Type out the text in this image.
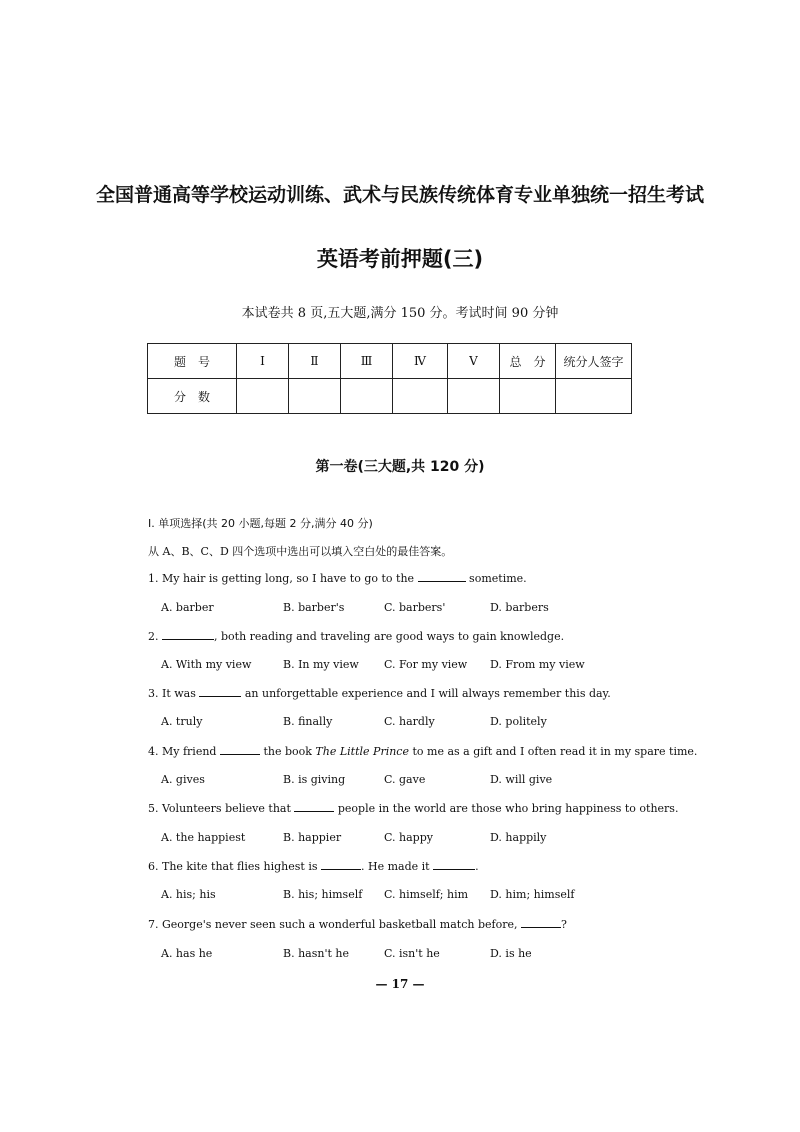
全国普通高等学校运动训练、武术与民族传统体育专业单独统一招生考试
英语考前押题(三)
本试卷共 8 页,五大题,满分 150 分。考试时间 90 分钟
题　号	Ⅰ	Ⅱ	Ⅲ	Ⅳ	Ⅴ	总　分	统分人签字
分　数							
第一卷(三大题,共 120 分)
Ⅰ. 单项选择(共 20 小题,每题 2 分,满分 40 分)
从 A、B、C、D 四个选项中选出可以填入空白处的最佳答案。
1. My hair is getting long, so I have to go to the	sometime.
A. barber	B. barber's	C. barbers'	D. barbers
2.	, both reading and traveling are good ways to gain knowledge.
A. With my view	B. In my view C. For my view D. From my view
3. It was	an unforgettable experience and I will always remember this day.
A. truly	B. finally	C. hardly	D. politely
4. My friend	the book The Little Prince to me as a gift and I often read it in my spare time.
A. gives	B. is giving	C. gave	D. will give
5. Volunteers believe that	people in the world are those who bring happiness to others.
A. the happiest	B. happier	C. happy	D. happily
6. The kite that flies highest is	. He made it	.
A. his; his	B. his; himself C. himself; him D. him; himself
7. George's never seen such a wonderful basketball match before,	?
A. has he	B. hasn't he	C. isn't he	D. is he
— 17 —
